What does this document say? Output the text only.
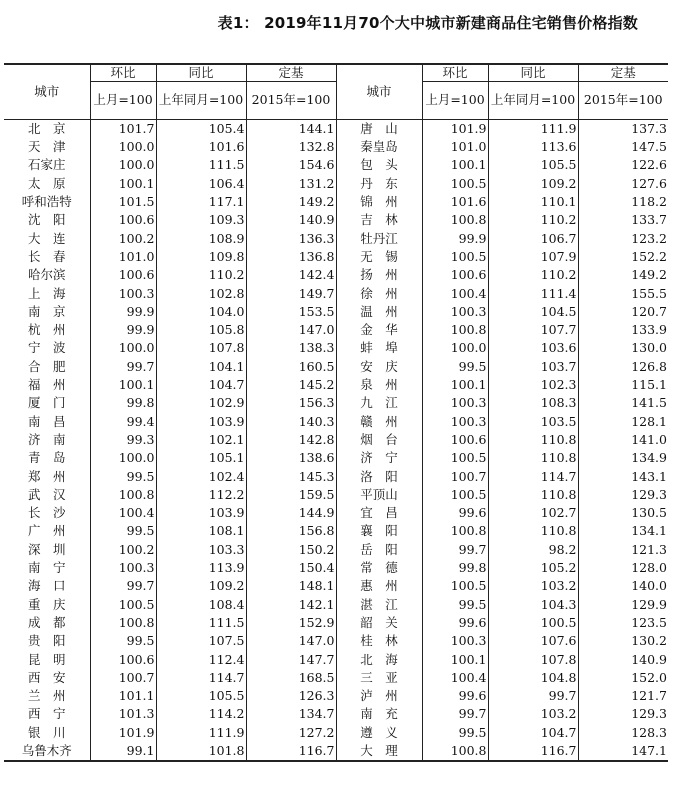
表1： 2019年11月70个大中城市新建商品住宅销售价格指数
城市	环比	同比	定基	城市	环比	同比	定基
	上月=100	上年同月=100	2015年=100		上月=100	上年同月=100	2015年=100
北　京	101.7	105.4	144.1	唐　山	101.9	111.9	137.3
天　津	100.0	101.6	132.8	秦皇岛	101.0	113.6	147.5
石家庄	100.0	111.5	154.6	包　头	100.1	105.5	122.6
太　原	100.1	106.4	131.2	丹　东	100.5	109.2	127.6
呼和浩特	101.5	117.1	149.2	锦　州	101.6	110.1	118.2
沈　阳	100.6	109.3	140.9	吉　林	100.8	110.2	133.7
大　连	100.2	108.9	136.3	牡丹江	99.9	106.7	123.2
长　春	101.0	109.8	136.8	无　锡	100.5	107.9	152.2
哈尔滨	100.6	110.2	142.4	扬　州	100.6	110.2	149.2
上　海	100.3	102.8	149.7	徐　州	100.4	111.4	155.5
南　京	99.9	104.0	153.5	温　州	100.3	104.5	120.7
杭　州	99.9	105.8	147.0	金　华	100.8	107.7	133.9
宁　波	100.0	107.8	138.3	蚌　埠	100.0	103.6	130.0
合　肥	99.7	104.1	160.5	安　庆	99.5	103.7	126.8
福　州	100.1	104.7	145.2	泉　州	100.1	102.3	115.1
厦　门	99.8	102.9	156.3	九　江	100.3	108.3	141.5
南　昌	99.4	103.9	140.3	赣　州	100.3	103.5	128.1
济　南	99.3	102.1	142.8	烟　台	100.6	110.8	141.0
青　岛	100.0	105.1	138.6	济　宁	100.5	110.8	134.9
郑　州	99.5	102.4	145.3	洛　阳	100.7	114.7	143.1
武　汉	100.8	112.2	159.5	平顶山	100.5	110.8	129.3
长　沙	100.4	103.9	144.9	宜　昌	99.6	102.7	130.5
广　州	99.5	108.1	156.8	襄　阳	100.8	110.8	134.1
深　圳	100.2	103.3	150.2	岳　阳	99.7	98.2	121.3
南　宁	100.3	113.9	150.4	常　德	99.8	105.2	128.0
海　口	99.7	109.2	148.1	惠　州	100.5	103.2	140.0
重　庆	100.5	108.4	142.1	湛　江	99.5	104.3	129.9
成　都	100.8	111.5	152.9	韶　关	99.6	100.5	123.5
贵　阳	99.5	107.5	147.0	桂　林	100.3	107.6	130.2
昆　明	100.6	112.4	147.7	北　海	100.1	107.8	140.9
西　安	100.7	114.7	168.5	三　亚	100.4	104.8	152.0
兰　州	101.1	105.5	126.3	泸　州	99.6	99.7	121.7
西　宁	101.3	114.2	134.7	南　充	99.7	103.2	129.3
银　川	101.9	111.9	127.2	遵　义	99.5	104.7	128.3
乌鲁木齐	99.1	101.8	116.7	大　理	100.8	116.7	147.1
